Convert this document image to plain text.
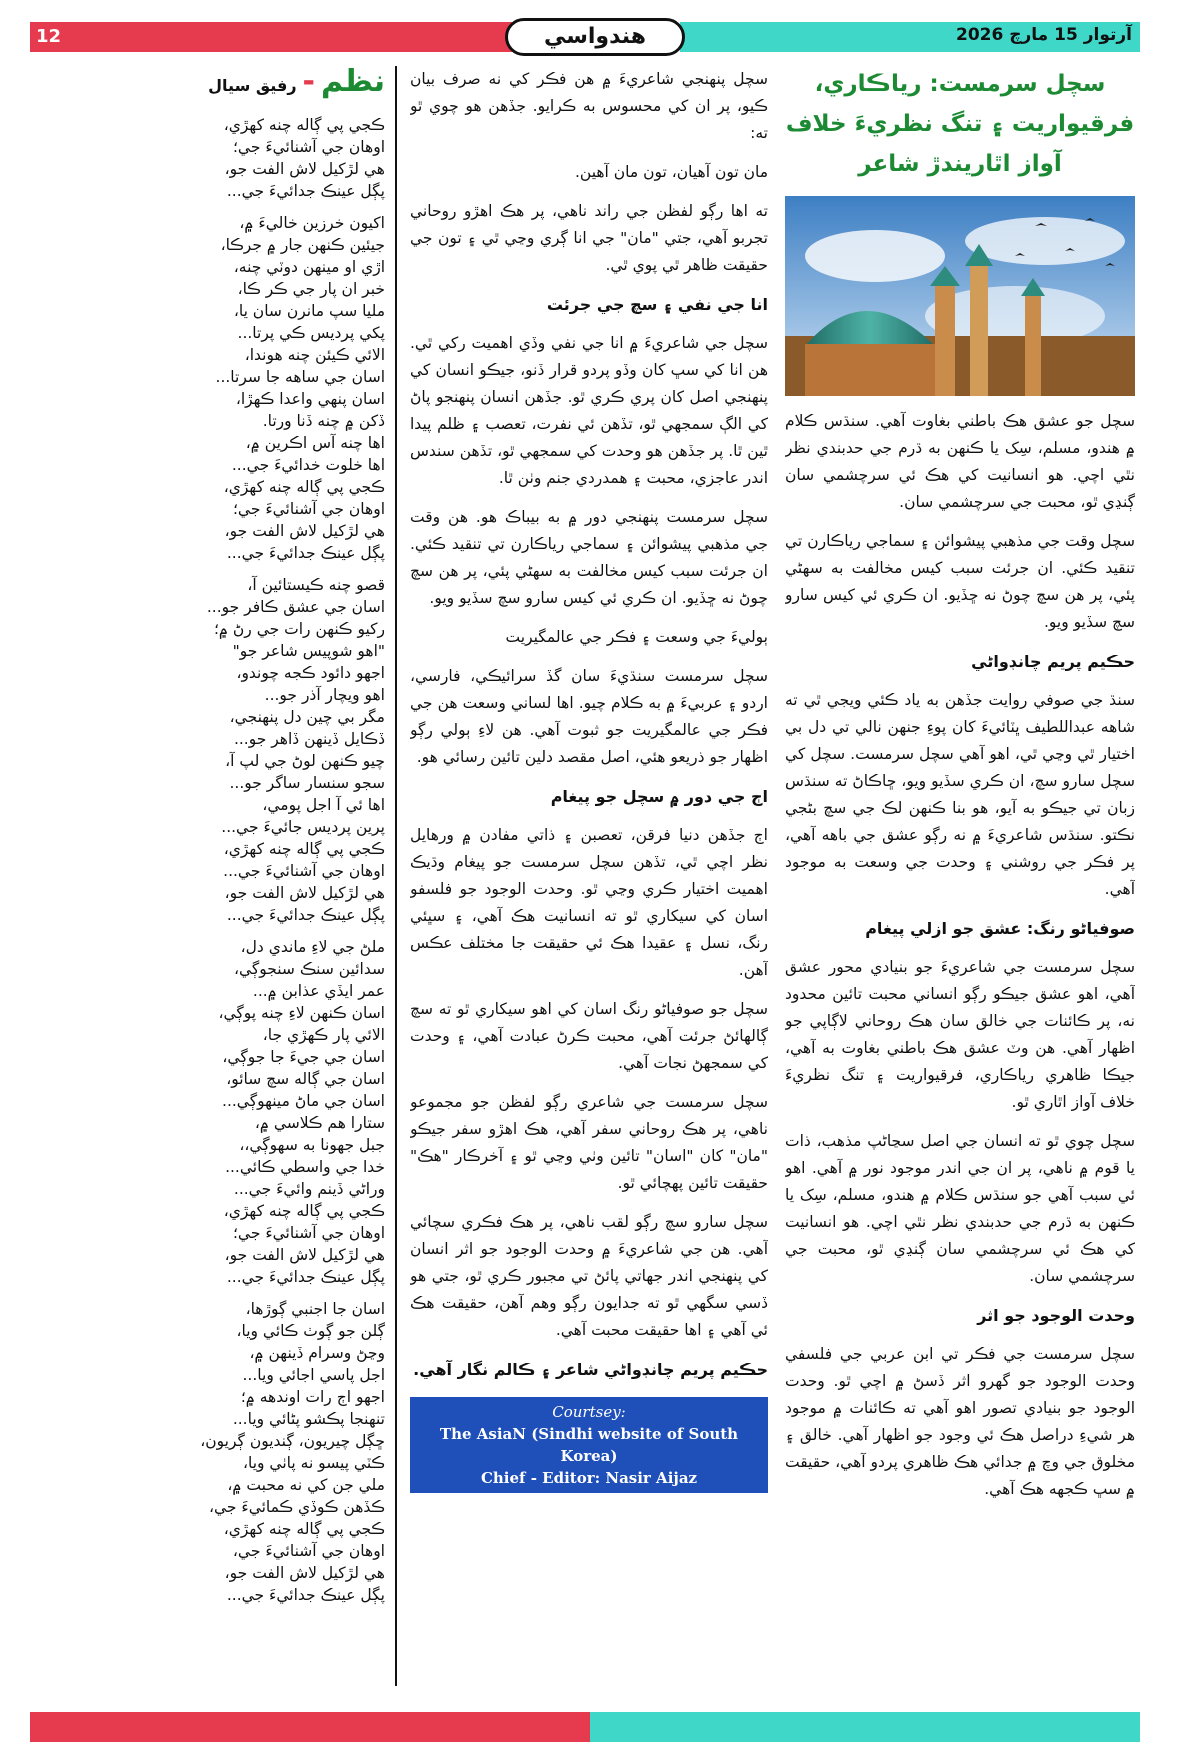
ھندواسي
12	آرتوار 15 مارچ 2026
سچل سرمست: رياڪاري، فرقيواريت ۽ تنگ نظريءَ خلاف آواز اٿاريندڙ شاعر

سچل جو عشق هڪ باطني بغاوت آهي. سنڌس ڪلام ۾ هندو، مسلم، سِک يا ڪنهن به ڌرم جي حدبندي نظر نٿي اچي. هو انسانيت کي هڪ ئي سرچشمي سان ڳنڍي ٿو، محبت جي سرچشمي سان.

سچل وقت جي مذهبي پيشوائن ۽ سماجي رياڪارن تي تنقيد ڪئي. ان جرئت سبب کيس مخالفت به سهڻي پئي، پر هن سچ چوڻ نه ڇڏيو. ان ڪري ئي کيس سارو سچ سڏيو ويو.

حڪيم پريم چانڊواڻي

سنڌ جي صوفي روايت جڏهن به ياد ڪئي ويجي ٿي ته شاهه عبداللطيف ڀٽائيءَ کان پوءِ جنهن نالي تي دل بي اختيار ٿي وڃي ٿي، اهو آهي سچل سرمست. سچل کي سچل سارو سچ، ان ڪري سڏيو ويو، ڇاڪاڻ ته سنڌس زبان تي جيڪو به آيو، هو بنا ڪنهن لڪ جي سچ بڻجي نڪتو. سنڌس شاعريءَ ۾ نه رڳو عشق جي باهه آهي، پر فڪر جي روشني ۽ وحدت جي وسعت به موجود آهي.

صوفياڻو رنگ: عشق جو ازلي پيغام

سچل سرمست جي شاعريءَ جو بنيادي محور عشق آهي، اهو عشق جيڪو رڳو انساني محبت تائين محدود نه، پر ڪائنات جي خالق سان هڪ روحاني لاڳاپي جو اظهار آهي. هن وٽ عشق هڪ باطني بغاوت به آهي، جيڪا ظاهري رياڪاري، فرقيواريت ۽ تنگ نظريءَ خلاف آواز اٿاري ٿو.

سچل چوي ٿو ته انسان جي اصل سڃاڻپ مذهب، ذات يا قوم ۾ ناهي، پر ان جي اندر موجود نور ۾ آهي. اهو ئي سبب آهي جو سنڌس ڪلام ۾ هندو، مسلم، سِک يا ڪنهن به ڌرم جي حدبندي نظر نٿي اچي. هو انسانيت کي هڪ ئي سرچشمي سان ڳنڍي ٿو، محبت جي سرچشمي سان.

وحدت الوجود جو اثر

سچل سرمست جي فڪر تي ابن عربي جي فلسفي وحدت الوجود جو گهرو اثر ڏسڻ ۾ اچي ٿو. وحدت الوجود جو بنيادي تصور اهو آهي ته ڪائنات ۾ موجود هر شيءِ دراصل هڪ ئي وجود جو اظهار آهي. خالق ۽ مخلوق جي وچ ۾ جدائي هڪ ظاهري پردو آهي، حقيقت ۾ سڀ ڪجهه هڪ آهي.

سچل پنهنجي شاعريءَ ۾ هن فڪر کي نه صرف بيان ڪيو، پر ان کي محسوس به ڪرايو. جڏهن هو چوي ٿو ته:

مان تون آهيان، تون مان آهين.

ته اها رڳو لفظن جي راند ناهي، پر هڪ اهڙو روحاني تجربو آهي، جتي "مان" جي انا ڳري وڃي ٿي ۽ تون جي حقيقت ظاهر ٿي پوي ٿي.

انا جي نفي ۽ سچ جي جرئت

سچل جي شاعريءَ ۾ انا جي نفي وڏي اهميت رکي ٿي. هن انا کي سڀ کان وڏو پردو قرار ڏنو، جيڪو انسان کي پنهنجي اصل کان پري ڪري ٿو. جڏهن انسان پنهنجو پاڻ کي الڳ سمجهي ٿو، تڏهن ئي نفرت، تعصب ۽ ظلم پيدا ٿين ٿا. پر جڏهن هو وحدت کي سمجهي ٿو، تڏهن سندس اندر عاجزي، محبت ۽ همدردي جنم وٺن ٿا.

سچل سرمست پنهنجي دور ۾ به بيباڪ هو. هن وقت جي مذهبي پيشوائن ۽ سماجي رياڪارن تي تنقيد ڪئي. ان جرئت سبب کيس مخالفت به سهڻي پئي، پر هن سچ چوڻ نه ڇڏيو. ان ڪري ئي کيس سارو سچ سڏيو ويو.

ٻوليءَ جي وسعت ۽ فڪر جي عالمگيريت

سچل سرمست سنڌيءَ سان گڏ سرائيڪي، فارسي، اردو ۽ عربيءَ ۾ به ڪلام چيو. اها لساني وسعت هن جي فڪر جي عالمگيريت جو ثبوت آهي. هن لاءِ ٻولي رڳو اظهار جو ذريعو هئي، اصل مقصد دلين تائين رسائي هو.

اڄ جي دور ۾ سچل جو پيغام

اڄ جڏهن دنيا فرقن، تعصبن ۽ ذاتي مفادن ۾ ورهايل نظر اچي ٿي، تڏهن سچل سرمست جو پيغام وڌيڪ اهميت اختيار ڪري وڃي ٿو. وحدت الوجود جو فلسفو اسان کي سيکاري ٿو ته انسانيت هڪ آهي، ۽ سڀئي رنگ، نسل ۽ عقيدا هڪ ئي حقيقت جا مختلف عڪس آهن.

سچل جو صوفياڻو رنگ اسان کي اهو سيکاري ٿو ته سچ ڳالهائڻ جرئت آهي، محبت ڪرڻ عبادت آهي، ۽ وحدت کي سمجهڻ نجات آهي.

سچل سرمست جي شاعري رڳو لفظن جو مجموعو ناهي، پر هڪ روحاني سفر آهي، هڪ اهڙو سفر جيڪو "مان" کان "اسان" تائين وٺي وڃي ٿو ۽ آخرڪار "هڪ" حقيقت تائين پهچائي ٿو.

سچل سارو سچ رڳو لقب ناهي، پر هڪ فڪري سچائي آهي. هن جي شاعريءَ ۾ وحدت الوجود جو اثر انسان کي پنهنجي اندر جهاتي پائڻ تي مجبور ڪري ٿو، جتي هو ڏسي سگهي ٿو ته جدايون رڳو وهم آهن، حقيقت هڪ ئي آهي ۽ اها حقيقت محبت آهي.

حڪيم پريم چانڊواڻي شاعر ۽ ڪالم نگار آهي.
Courtsey:
The AsiaN (Sindhi website of South Korea)
Chief - Editor: Nasir Aijaz
نظم-رفيق سيال
ڪجي پي ڳاله چنه کهڙي،
اوهان جي آشنائيءَ جي؛
هي لڙکيل لاش الفت جو،
پڳل عينڪ جدائيءَ جي...
اکيون خرزين خاليءَ ۾،
جيئين ڪنهن جار ۾ جرڪا،
اڙي او مينهن دوٽي چنه،
خبر ان پار جي ڪر ڪا،
مليا سپ مانرن سان يا،
پکي پرديس ڪي پرتا...
الائي ڪيئن چنه هوندا،
اسان جي ساهه جا سرتا...
اسان پنهي واعدا ڪهڙا،
ڏکن ۾ چنه ڏنا ورتا.
اها چنه آس اڪرين ۾،
اها خلوت خدائيءَ جي...
ڪجي پي ڳاله چنه کهڙي،
اوهان جي آشنائيءَ جي؛
هي لڙکيل لاش الفت جو،
پڳل عينڪ جدائيءَ جي...
قصو چنه ڪيستائين آ،
اسان جي عشق ڪافر جو...
رکيو ڪنهن رات جي رڻ ۾؛
"اهو شوپيس شاعر جو"
اجهو دائود ڪجه چوندو،
اهو ويچار آذر جو...
مگر بي چين دل پنهنجي،
ڏڪايل ڏينهن ڏاهر جو...
چيو ڪنهن لوڻ جي لپ آ،
سجو سنسار ساگر جو...
اها ئي آ اجل پومي،
پرين پرديس جائيءَ جي...
ڪجي پي ڳاله چنه کهڙي،
اوهان جي آشنائيءَ جي...
هي لڙکيل لاش الفت جو،
پڳل عينڪ جدائيءَ جي...
ملڻ جي لاءِ ماندي دل،
سدائين سنڪ سنجوڳي،
عمر ايڏي عذابن ۾...
اسان ڪنهن لاءِ چنه پوڳي،
الائي پار ڪهڙي جا،
اسان جي جيءَ جا جوڳي،
اسان جي ڳاله سچ سائو،
اسان جي ماڻ مينهوڳي...
ستارا هم ڪلاسي ۾،
جبل جهونا به سهوڳي،،
خدا جي واسطي ڪائي...
وراڻي ڏينم وائيءَ جي...
ڪجي پي ڳاله چنه کهڙي،
اوهان جي آشنائيءَ جي؛
هي لڙکيل لاش الفت جو،
پڳل عينڪ جدائيءَ جي...
اسان جا اجنبي ڳوڙها،
ڳلن جو ڳوٺ ڪائي ويا،
وڃڻ وسرام ڏينهن ۾،
اجل پاسي اجائي ويا...
اجهو اڄ رات اوندهه ۾؛
تنهنجا پڪشو پڻائي ويا...
ڇڳل چيريون، ڳنديون ڳريون،
ڪٽي پيسو نه پاٺي ويا،
ملي جن کي نه محبت ۾،
ڪڏهن ڪوڏي ڪمائيءَ جي،
ڪجي پي ڳاله چنه کهڙي،
اوهان جي آشنائيءَ جي،
هي لڙکيل لاش الفت جو،
پڳل عينڪ جدائيءَ جي...
